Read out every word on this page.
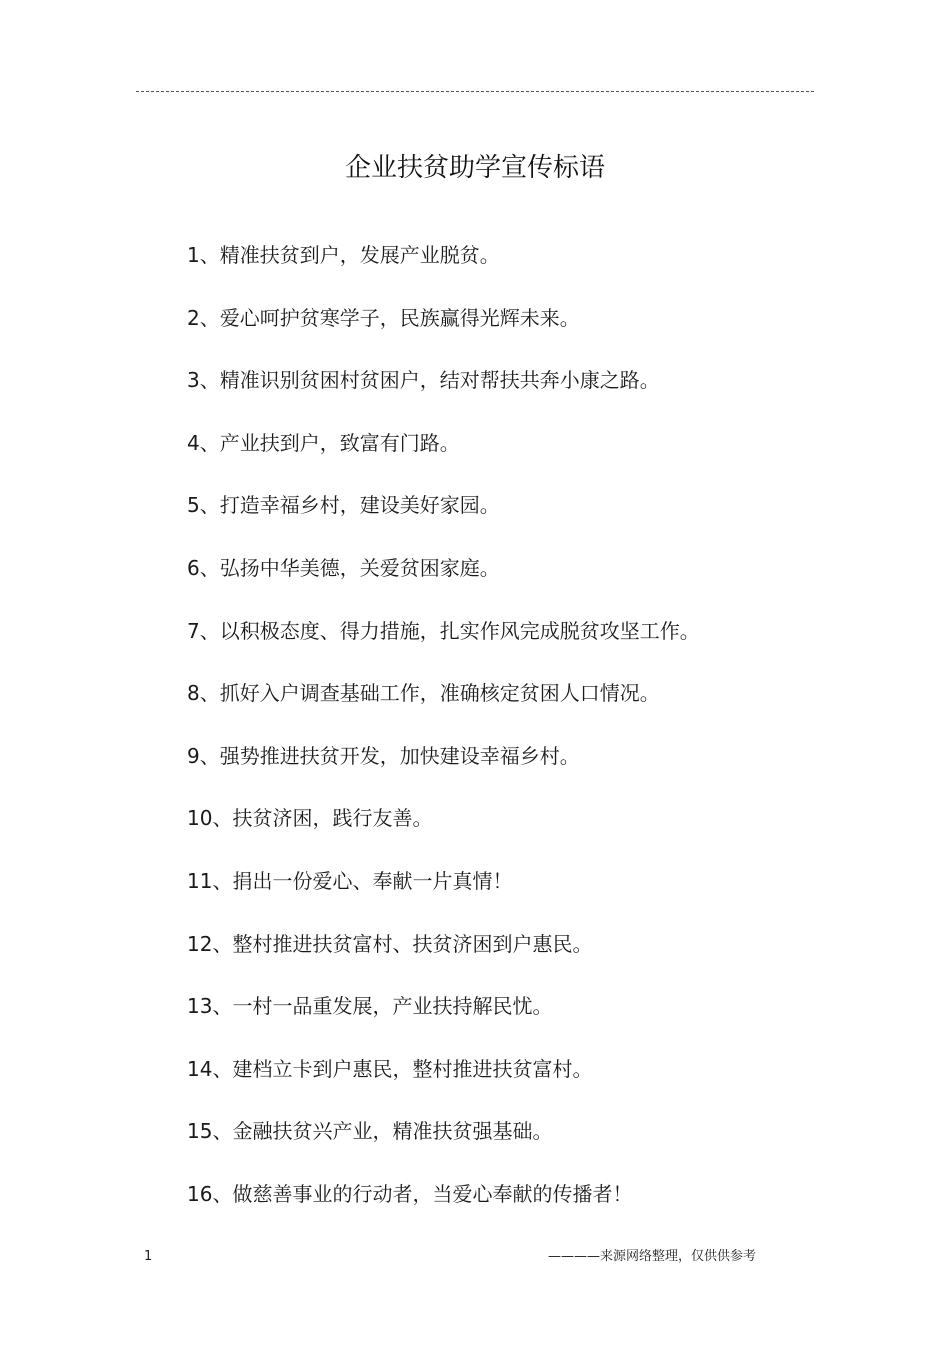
企业扶贫助学宣传标语
1、精准扶贫到户，发展产业脱贫。
2、爱心呵护贫寒学子，民族赢得光辉未来。
3、精准识别贫困村贫困户，结对帮扶共奔小康之路。
4、产业扶到户，致富有门路。
5、打造幸福乡村，建设美好家园。
6、弘扬中华美德，关爱贫困家庭。
7、以积极态度、得力措施，扎实作风完成脱贫攻坚工作。
8、抓好入户调查基础工作，准确核定贫困人口情况。
9、强势推进扶贫开发，加快建设幸福乡村。
10、扶贫济困，践行友善。
11、捐出一份爱心、奉献一片真情！
12、整村推进扶贫富村、扶贫济困到户惠民。
13、一村一品重发展，产业扶持解民忧。
14、建档立卡到户惠民，整村推进扶贫富村。
15、金融扶贫兴产业，精准扶贫强基础。
16、做慈善事业的行动者，当爱心奉献的传播者！
1	————来源网络整理，仅供供参考
